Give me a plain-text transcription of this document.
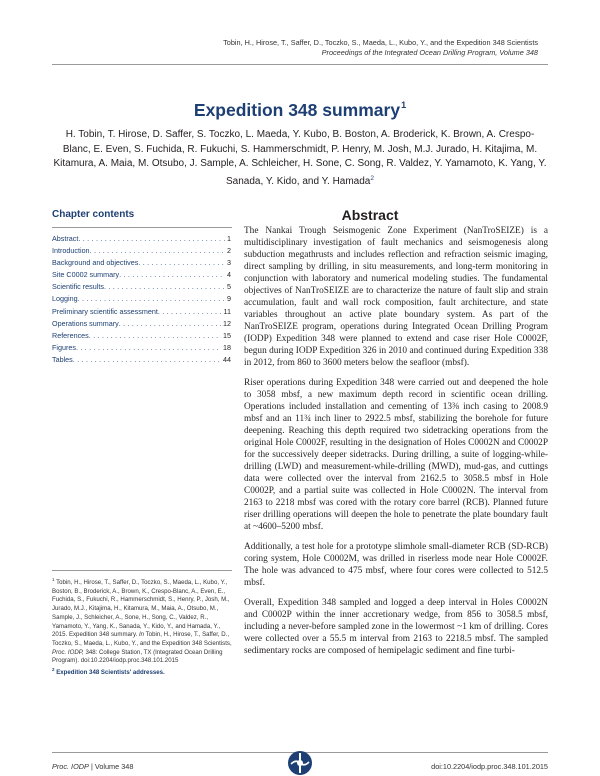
Tobin, H., Hirose, T., Saffer, D., Toczko, S., Maeda, L., Kubo, Y., and the Expedition 348 Scientists
Proceedings of the Integrated Ocean Drilling Program, Volume 348
Expedition 348 summary$^1$
H. Tobin, T. Hirose, D. Saffer, S. Toczko, L. Maeda, Y. Kubo, B. Boston, A. Broderick, K. Brown, A. Crespo-Blanc, E. Even, S. Fuchida, R. Fukuchi, S. Hammerschmidt, P. Henry, M. Josh, M.J. Jurado, H. Kitajima, M. Kitamura, A. Maia, M. Otsubo, J. Sample, A. Schleicher, H. Sone, C. Song, R. Valdez, Y. Yamamoto, K. Yang, Y. Sanada, Y. Kido, and Y. Hamada$^2$
Chapter contents
Abstract . . .	1
Introduction . . .	2
Background and objectives . . .	3
Site C0002 summary . . .	4
Scientific results . . .	5
Logging . . .	9
Preliminary scientific assessment . . .	11
Operations summary . . .	12
References . . .	15
Figures . . .	18
Tables . . .	44

$^1$ Tobin, H., Hirose, T., Saffer, D., Toczko, S., Maeda, L., Kubo, Y., Boston, B., Broderick, A., Brown, K., Crespo-Blanc, A., Even, E., Fuchida, S., Fukuchi, R., Hammerschmidt, S., Henry, P., Josh, M., Jurado, M.J., Kitajima, H., Kitamura, M., Maia, A., Otsubo, M., Sample, J., Schleicher, A., Sone, H., Song, C., Valdez, R., Yamamoto, Y., Yang, K., Sanada, Y., Kido, Y., and Hamada, Y., 2015. Expedition 348 summary. In Tobin, H., Hirose, T., Saffer, D., Toczko, S., Maeda, L., Kubo, Y., and the Expedition 348 Scientists, Proc. IODP, 348: College Station, TX (Integrated Ocean Drilling Program). doi:10.2204/iodp.proc.348.101.2015

$^2$ Expedition 348 Scientists' addresses.

Abstract

The Nankai Trough Seismogenic Zone Experiment (NanTroSEIZE) is a multidisciplinary investigation of fault mechanics and seismogenesis along subduction megathrusts and includes reflection and refraction seismic imaging, direct sampling by drilling, in situ measurements, and long-term monitoring in conjunction with laboratory and numerical modeling studies. The fundamental objectives of NanTroSEIZE are to characterize the nature of fault slip and strain accumulation, fault and wall rock composition, fault architecture, and state variables throughout an active plate boundary system. As part of the NanTroSEIZE program, operations during Integrated Ocean Drilling Program (IODP) Expedition 348 were planned to extend and case riser Hole C0002F, begun during IODP Expedition 326 in 2010 and continued during Expedition 338 in 2012, from 860 to 3600 meters below the seafloor (mbsf).

Riser operations during Expedition 348 were carried out and deepened the hole to 3058 mbsf, a new maximum depth record in scientific ocean drilling. Operations included installation and cementing of 13⅜ inch casing to 2008.9 mbsf and an 11¾ inch liner to 2922.5 mbsf, stabilizing the borehole for future deepening. Reaching this depth required two sidetracking operations from the original Hole C0002F, resulting in the designation of Holes C0002N and C0002P for the successively deeper sidetracks. During drilling, a suite of logging-while-drilling (LWD) and measurement-while-drilling (MWD), mud-gas, and cuttings data were collected over the interval from 2162.5 to 3058.5 mbsf in Hole C0002P, and a partial suite was collected in Hole C0002N. The interval from 2163 to 2218 mbsf was cored with the rotary core barrel (RCB). Planned future riser drilling operations will deepen the hole to penetrate the plate boundary fault at ~4600–5200 mbsf.

Additionally, a test hole for a prototype slimhole small-diameter RCB (SD-RCB) coring system, Hole C0002M, was drilled in riserless mode near Hole C0002F. The hole was advanced to 475 mbsf, where four cores were collected to 512.5 mbsf.

Overall, Expedition 348 sampled and logged a deep interval in Holes C0002N and C0002P within the inner accretionary wedge, from 856 to 3058.5 mbsf, including a never-before sampled zone in the lowermost ~1 km of drilling. Cores were collected over a 55.5 m interval from 2163 to 2218.5 mbsf. The sampled sedimentary rocks are composed of hemipelagic sediment and fine turbi-

Proc. IODP | Volume 348	doi:10.2204/iodp.proc.348.101.2015
